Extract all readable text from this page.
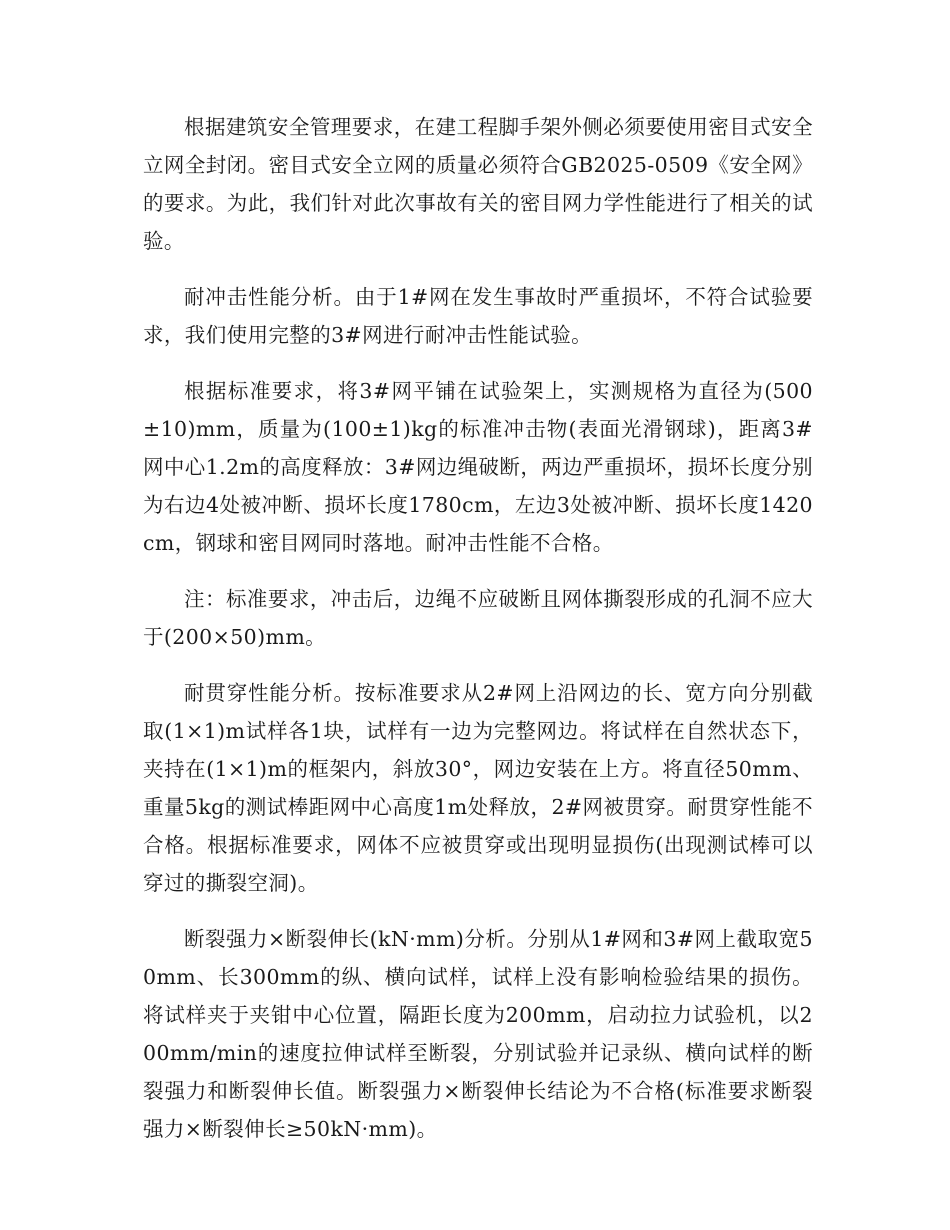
根据建筑安全管理要求，在建工程脚手架外侧必须要使用密目式安全立网全封闭。密目式安全立网的质量必须符合GB2025-0509《安全网》的要求。为此，我们针对此次事故有关的密目网力学性能进行了相关的试验。

耐冲击性能分析。由于1#网在发生事故时严重损坏，不符合试验要求，我们使用完整的3#网进行耐冲击性能试验。

根据标准要求，将3#网平铺在试验架上，实测规格为直径为(500±10)mm，质量为(100±1)kg的标准冲击物(表面光滑钢球)，距离3#网中心1.2m的高度释放：3#网边绳破断，两边严重损坏，损坏长度分别为右边4处被冲断、损坏长度1780cm，左边3处被冲断、损坏长度1420cm，钢球和密目网同时落地。耐冲击性能不合格。

注：标准要求，冲击后，边绳不应破断且网体撕裂形成的孔洞不应大于(200×50)mm。

耐贯穿性能分析。按标准要求从2#网上沿网边的长、宽方向分别截取(1×1)m试样各1块，试样有一边为完整网边。将试样在自然状态下，夹持在(1×1)m的框架内，斜放30°，网边安装在上方。将直径50mm、重量5kg的测试棒距网中心高度1m处释放，2#网被贯穿。耐贯穿性能不合格。根据标准要求，网体不应被贯穿或出现明显损伤(出现测试棒可以穿过的撕裂空洞)。

断裂强力×断裂伸长(kN·mm)分析。分别从1#网和3#网上截取宽50mm、长300mm的纵、横向试样，试样上没有影响检验结果的损伤。将试样夹于夹钳中心位置，隔距长度为200mm，启动拉力试验机，以200mm/min的速度拉伸试样至断裂，分别试验并记录纵、横向试样的断裂强力和断裂伸长值。断裂强力×断裂伸长结论为不合格(标准要求断裂强力×断裂伸长≥50kN·mm)。
